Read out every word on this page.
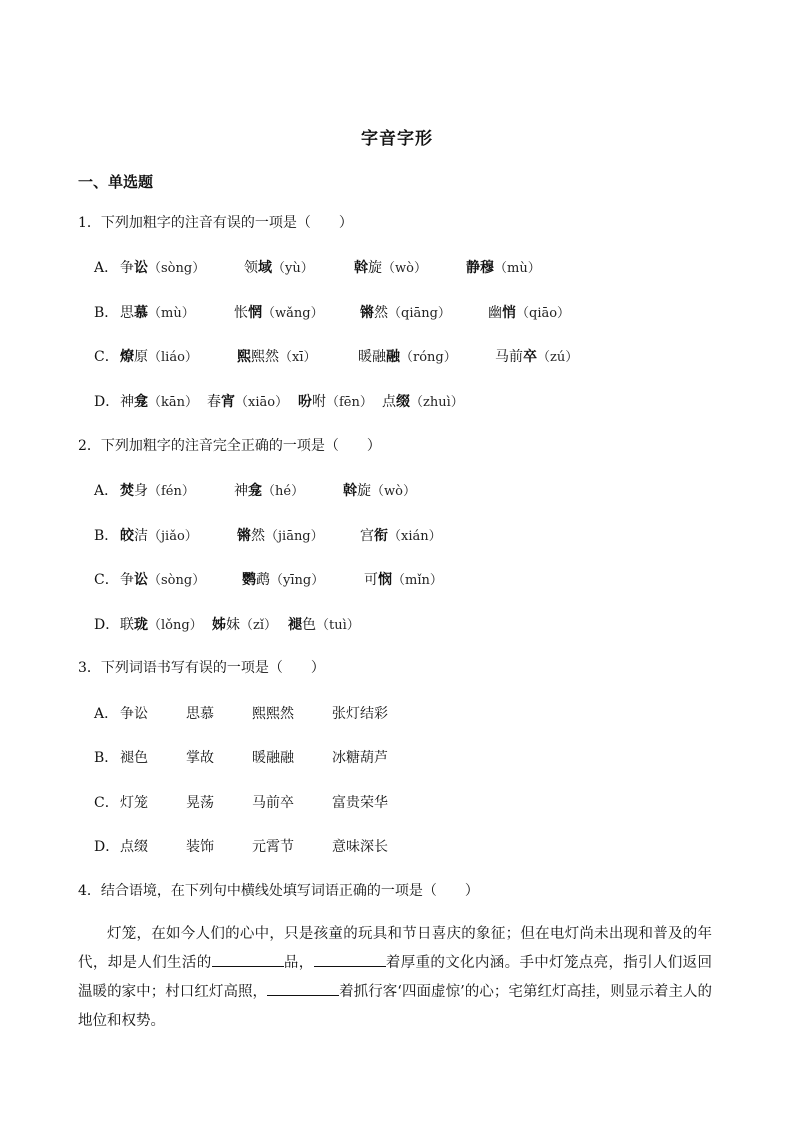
字音字形
一、单选题
1．下列加粗字的注音有误的一项是（　　）
A． 争讼（sòng）	领域（yù）	斡旋（wò）	静穆（mù）
B． 思慕（mù）	怅惘（wǎng）	锵然（qiāng）	幽悄（qiāo）
C． 燎原（liáo）	熙熙然（xī）	暖融融（róng）	马前卒（zú）
D． 神龛（kān） 春宵（xiāo） 吩咐（fēn） 点缀（zhuì）
2．下列加粗字的注音完全正确的一项是（　　）
A． 焚身（fén）	神龛（hé）	斡旋（wò）
B． 皎洁（jiǎo）	锵然（jiāng）	宫衔（xián）
C． 争讼（sòng）	鹦鹉（yīng）	可悯（mǐn）
D． 联珑（lǒng） 姊妹（zǐ） 褪色（tuì）
3．下列词语书写有误的一项是（　　）
A． 争讼	思慕	熙熙然	张灯结彩
B． 褪色	掌故	暖融融	冰糖葫芦
C． 灯笼	晃荡	马前卒	富贵荣华
D． 点缀	装饰	元霄节	意味深长
4．结合语境，在下列句中横线处填写词语正确的一项是（　　）
灯笼，在如今人们的心中，只是孩童的玩具和节日喜庆的象征；但在电灯尚未出现和普及的年代，却是人们生活的	品，	着厚重的文化内涵。手中灯笼点亮，指引人们返回温暖的家中；村口红灯高照，	着抓行客‘四面虚惊’的心；宅第红灯高挂，则显示着主人的地位和权势。
